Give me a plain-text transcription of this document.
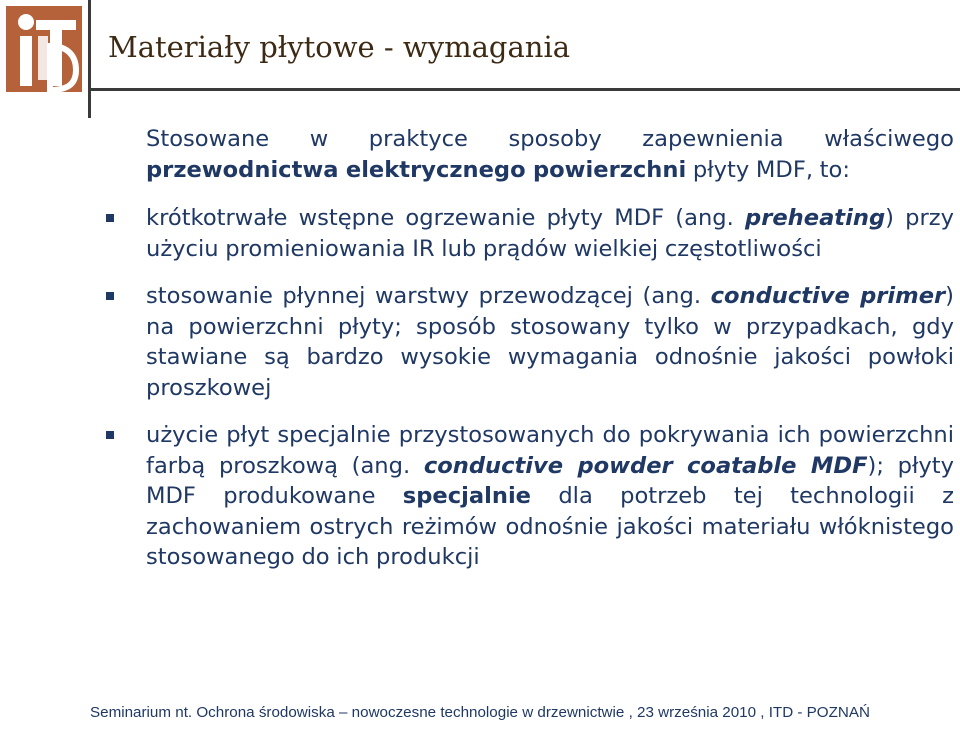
Materiały płytowe - wymagania

Stosowane w praktyce sposoby zapewnienia właściwego przewodnictwa elektrycznego powierzchni płyty MDF, to:

krótkotrwałe wstępne ogrzewanie płyty MDF (ang. preheating) przy użyciu promieniowania IR lub prądów wielkiej częstotliwości
stosowanie płynnej warstwy przewodzącej (ang. conductive primer) na powierzchni płyty; sposób stosowany tylko w przypadkach, gdy stawiane są bardzo wysokie wymagania odnośnie jakości powłoki proszkowej
użycie płyt specjalnie przystosowanych do pokrywania ich powierzchni farbą proszkową (ang. conductive powder coatable MDF); płyty MDF produkowane specjalnie dla potrzeb tej technologii z zachowaniem ostrych reżimów odnośnie jakości materiału włóknistego stosowanego do ich produkcji
Seminarium nt. Ochrona środowiska – nowoczesne technologie w drzewnictwie , 23 września 2010 , ITD - POZNAŃ
